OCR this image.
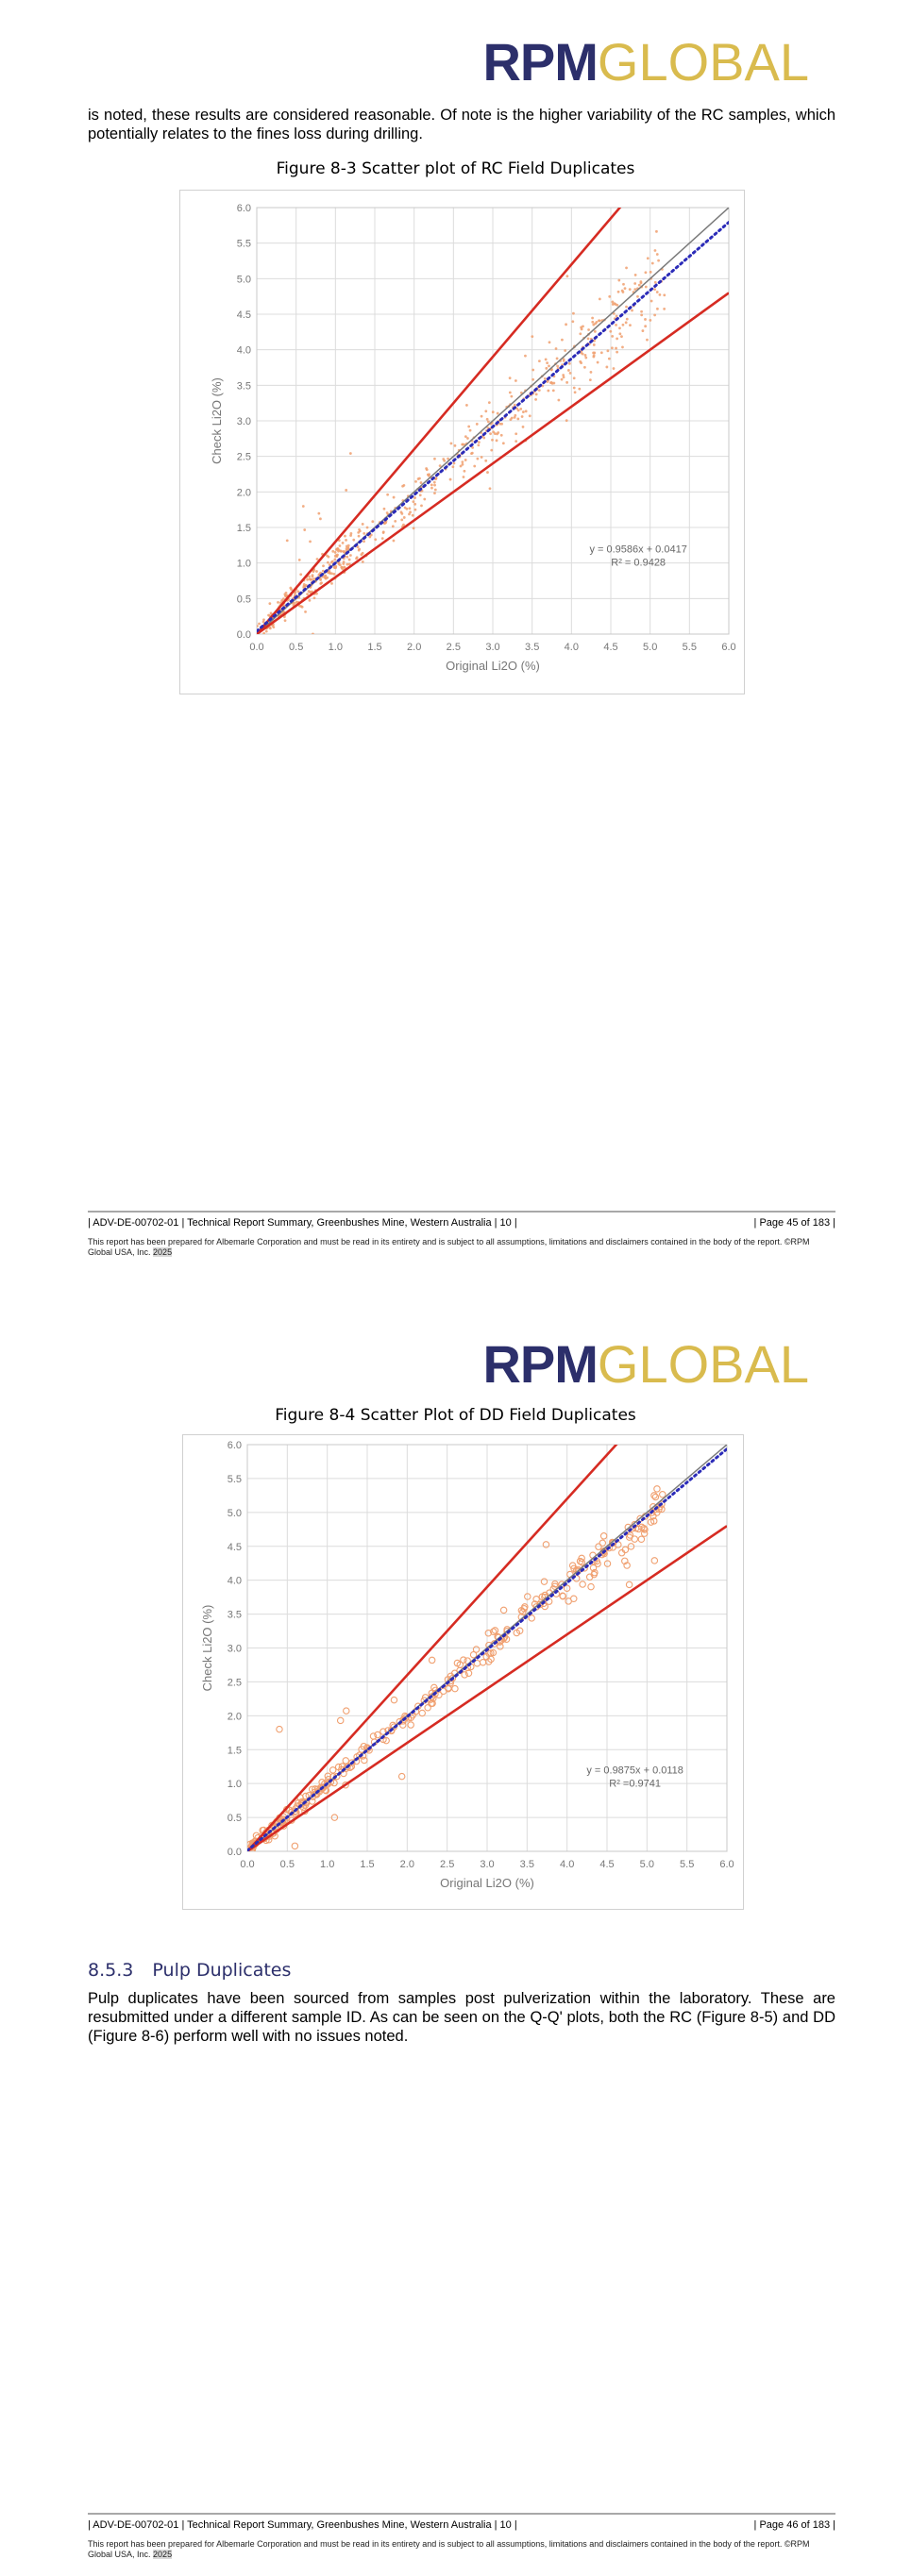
RPMGLOBAL
is noted, these results are considered reasonable. Of note is the higher variability of the RC samples, which potentially relates to the fines loss during drilling.
Figure 8-3 Scatter plot of RC Field Duplicates
0.0
0.0
0.5
0.5
1.0
1.0
1.5
1.5
2.0
2.0
2.5
2.5
3.0
3.0
3.5
3.5
4.0
4.0
4.5
4.5
5.0
5.0
5.5
5.5
6.0
6.0
Original Li2O (%)
Check Li2O (%)
y = 0.9586x + 0.0417
R² = 0.9428
| ADV-DE-00702-01 | Technical Report Summary, Greenbushes Mine, Western Australia | 10 |	| Page 45 of 183 |
This report has been prepared for Albemarle Corporation and must be read in its entirety and is subject to all assumptions, limitations and disclaimers contained in the body of the report. ©RPM Global USA, Inc. 2025
RPMGLOBAL
Figure 8-4 Scatter Plot of DD Field Duplicates
0.0
0.0
0.5
0.5
1.0
1.0
1.5
1.5
2.0
2.0
2.5
2.5
3.0
3.0
3.5
3.5
4.0
4.0
4.5
4.5
5.0
5.0
5.5
5.5
6.0
6.0
Original Li2O (%)
Check Li2O (%)
y = 0.9875x + 0.0118
R² =0.9741
8.5.3 Pulp Duplicates
Pulp duplicates have been sourced from samples post pulverization within the laboratory. These are resubmitted under a different sample ID. As can be seen on the Q-Q' plots, both the RC (Figure 8-5) and DD (Figure 8-6) perform well with no issues noted.
| ADV-DE-00702-01 | Technical Report Summary, Greenbushes Mine, Western Australia | 10 |	| Page 46 of 183 |
This report has been prepared for Albemarle Corporation and must be read in its entirety and is subject to all assumptions, limitations and disclaimers contained in the body of the report. ©RPM Global USA, Inc. 2025
